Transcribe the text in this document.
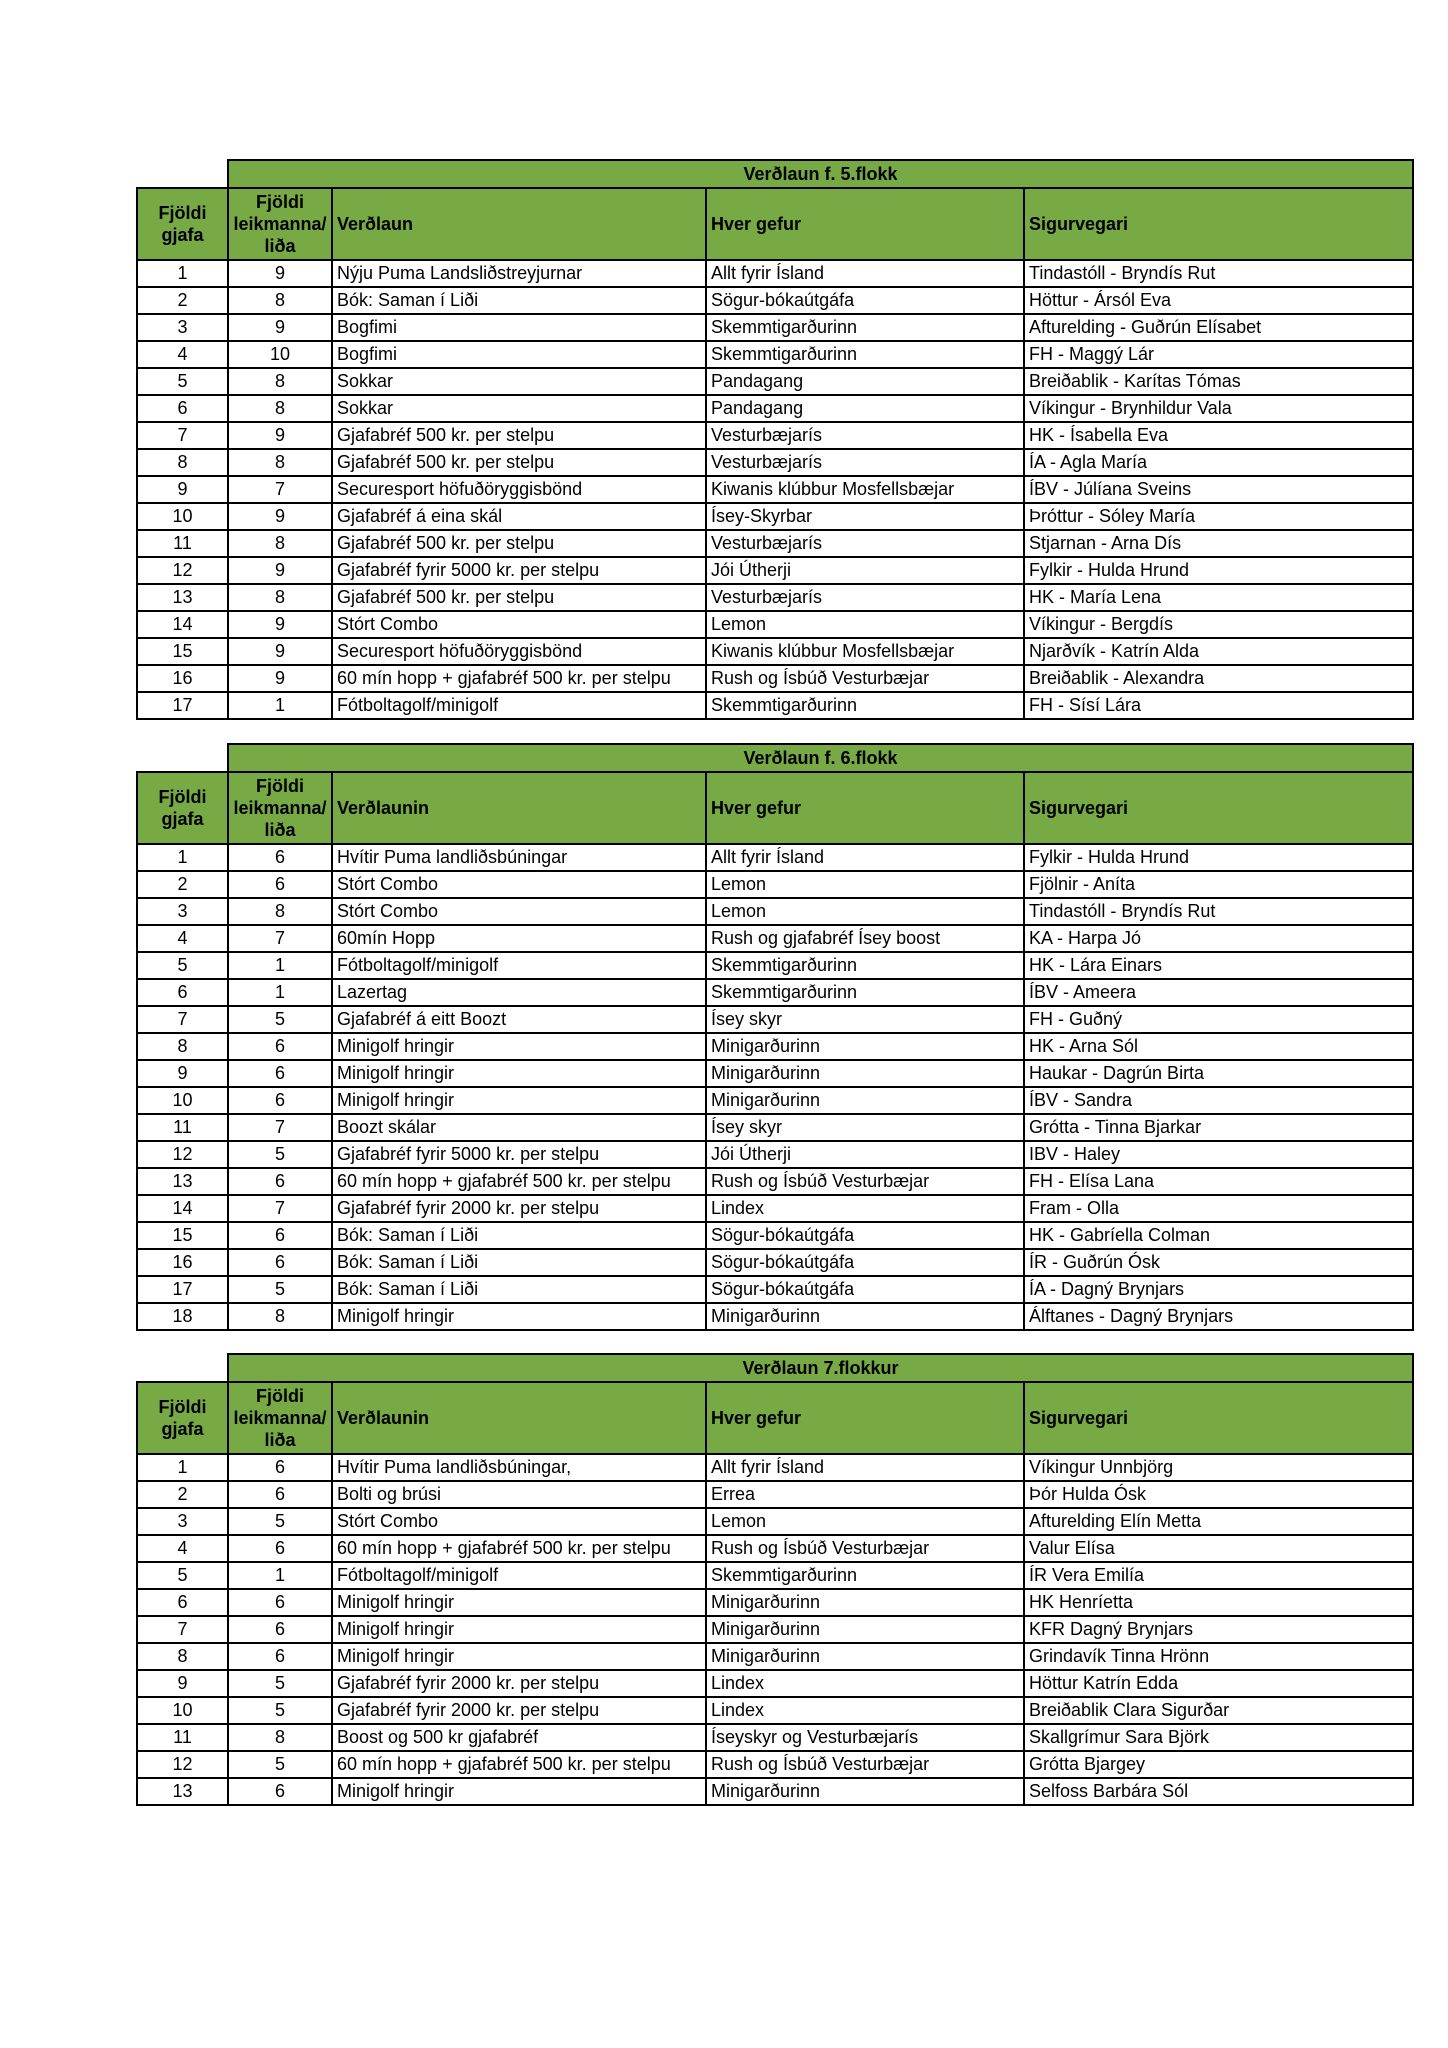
	Verðlaun f. 5.flokk			
Fjöldi gjafa	Fjöldi leikmanna/ liða	Verðlaun	Hver gefur	Sigurvegari
1	9	Nýju Puma Landsliðstreyjurnar	Allt fyrir Ísland	Tindastóll - Bryndís Rut
2	8	Bók: Saman í Liði	Sögur-bókaútgáfa	Höttur - Ársól Eva
3	9	Bogfimi	Skemmtigarðurinn	Afturelding - Guðrún Elísabet
4	10	Bogfimi	Skemmtigarðurinn	FH - Maggý Lár
5	8	Sokkar	Pandagang	Breiðablik - Karítas Tómas
6	8	Sokkar	Pandagang	Víkingur - Brynhildur Vala
7	9	Gjafabréf 500 kr. per stelpu	Vesturbæjarís	HK - Ísabella Eva
8	8	Gjafabréf 500 kr. per stelpu	Vesturbæjarís	ÍA - Agla María
9	7	Securesport höfuðöryggisbönd	Kiwanis klúbbur Mosfellsbæjar	ÍBV - Júlíana Sveins
10	9	Gjafabréf á eina skál	Ísey-Skyrbar	Þróttur - Sóley María
11	8	Gjafabréf 500 kr. per stelpu	Vesturbæjarís	Stjarnan - Arna Dís
12	9	Gjafabréf fyrir 5000 kr. per stelpu	Jói Útherji	Fylkir - Hulda Hrund
13	8	Gjafabréf 500 kr. per stelpu	Vesturbæjarís	HK - María Lena
14	9	Stórt Combo	Lemon	Víkingur - Bergdís
15	9	Securesport höfuðöryggisbönd	Kiwanis klúbbur Mosfellsbæjar	Njarðvík - Katrín Alda
16	9	60 mín hopp + gjafabréf 500 kr. per stelpu	Rush og Ísbúð Vesturbæjar	Breiðablik - Alexandra
17	1	Fótboltagolf/minigolf	Skemmtigarðurinn	FH - Sísí Lára
	Verðlaun f. 6.flokk			
Fjöldi gjafa	Fjöldi leikmanna/ liða	Verðlaunin	Hver gefur	Sigurvegari
1	6	Hvítir Puma landliðsbúningar	Allt fyrir Ísland	Fylkir - Hulda Hrund
2	6	Stórt Combo	Lemon	Fjölnir - Aníta
3	8	Stórt Combo	Lemon	Tindastóll - Bryndís Rut
4	7	60mín Hopp	Rush og gjafabréf Ísey boost	KA - Harpa Jó
5	1	Fótboltagolf/minigolf	Skemmtigarðurinn	HK - Lára Einars
6	1	Lazertag	Skemmtigarðurinn	ÍBV - Ameera
7	5	Gjafabréf á eitt Boozt	Ísey skyr	FH - Guðný
8	6	Minigolf hringir	Minigarðurinn	HK - Arna Sól
9	6	Minigolf hringir	Minigarðurinn	Haukar - Dagrún Birta
10	6	Minigolf hringir	Minigarðurinn	ÍBV - Sandra
11	7	Boozt skálar	Ísey skyr	Grótta - Tinna Bjarkar
12	5	Gjafabréf fyrir 5000 kr. per stelpu	Jói Útherji	IBV - Haley
13	6	60 mín hopp + gjafabréf 500 kr. per stelpu	Rush og Ísbúð Vesturbæjar	FH - Elísa Lana
14	7	Gjafabréf fyrir 2000 kr. per stelpu	Lindex	Fram - Olla
15	6	Bók: Saman í Liði	Sögur-bókaútgáfa	HK - Gabríella Colman
16	6	Bók: Saman í Liði	Sögur-bókaútgáfa	ÍR - Guðrún Ósk
17	5	Bók: Saman í Liði	Sögur-bókaútgáfa	ÍA - Dagný Brynjars
18	8	Minigolf hringir	Minigarðurinn	Álftanes - Dagný Brynjars
	Verðlaun 7.flokkur			
Fjöldi gjafa	Fjöldi leikmanna/ liða	Verðlaunin	Hver gefur	Sigurvegari
1	6	Hvítir Puma landliðsbúningar,	Allt fyrir Ísland	Víkingur Unnbjörg
2	6	Bolti og brúsi	Errea	Þór Hulda Ósk
3	5	Stórt Combo	Lemon	Afturelding Elín Metta
4	6	60 mín hopp + gjafabréf 500 kr. per stelpu	Rush og Ísbúð Vesturbæjar	Valur Elísa
5	1	Fótboltagolf/minigolf	Skemmtigarðurinn	ÍR Vera Emilía
6	6	Minigolf hringir	Minigarðurinn	HK Henríetta
7	6	Minigolf hringir	Minigarðurinn	KFR Dagný Brynjars
8	6	Minigolf hringir	Minigarðurinn	Grindavík Tinna Hrönn
9	5	Gjafabréf fyrir 2000 kr. per stelpu	Lindex	Höttur Katrín Edda
10	5	Gjafabréf fyrir 2000 kr. per stelpu	Lindex	Breiðablik Clara Sigurðar
11	8	Boost og 500 kr gjafabréf	Íseyskyr og Vesturbæjarís	Skallgrímur Sara Björk
12	5	60 mín hopp + gjafabréf 500 kr. per stelpu	Rush og Ísbúð Vesturbæjar	Grótta Bjargey
13	6	Minigolf hringir	Minigarðurinn	Selfoss Barbára Sól
